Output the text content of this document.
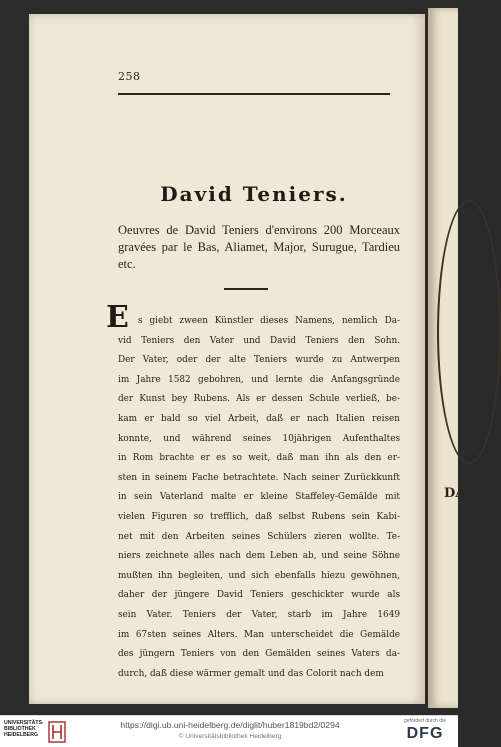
DA
258
David Teniers.
Oeuvres de David Teniers d'environs 200 Morceaux gravées par le Bas, Aliamet, Major, Surugue, Tardieu etc.
E	s giebt zween Künstler dieses Namens, nemlich Da-
vid Teniers den Vater und David Teniers den Sohn.
Der Vater, oder der alte Teniers wurde zu Antwerpen
im Jahre 1582 gebohren, und lernte die Anfangsgründe
der Kunst bey Rubens. Als er dessen Schule verließ, be-
kam er bald so viel Arbeit, daß er nach Italien reisen
konnte, und während seines 10jährigen Aufenthaltes
in Rom brachte er es so weit, daß man ihn als den er-
sten in seinem Fache betrachtete. Nach seiner Zurückkunft
in sein Vaterland malte er kleine Staffeley-Gemälde mit
vielen Figuren so trefflich, daß selbst Rubens sein Kabi-
net mit den Arbeiten seines Schülers zieren wollte. Te-
niers zeichnete alles nach dem Leben ab, und seine Söhne
mußten ihn begleiten, und sich ebenfalls hiezu gewöhnen,
daher der jüngere David Teniers geschickter wurde als
sein Vater. Teniers der Vater, starb im Jahre 1649
im 67sten seines Alters. Man unterscheidet die Gemälde
des jüngern Teniers von den Gemälden seines Vaters da-
durch, daß diese wärmer gemalt und das Colorit nach dem
UNIVERSITÄTS-
BIBLIOTHEK
HEIDELBERG
https://digi.ub.uni-heidelberg.de/diglit/huber1819bd2/0294
© Universitätsbibliothek Heidelberg
gefördert durch die
DFG
